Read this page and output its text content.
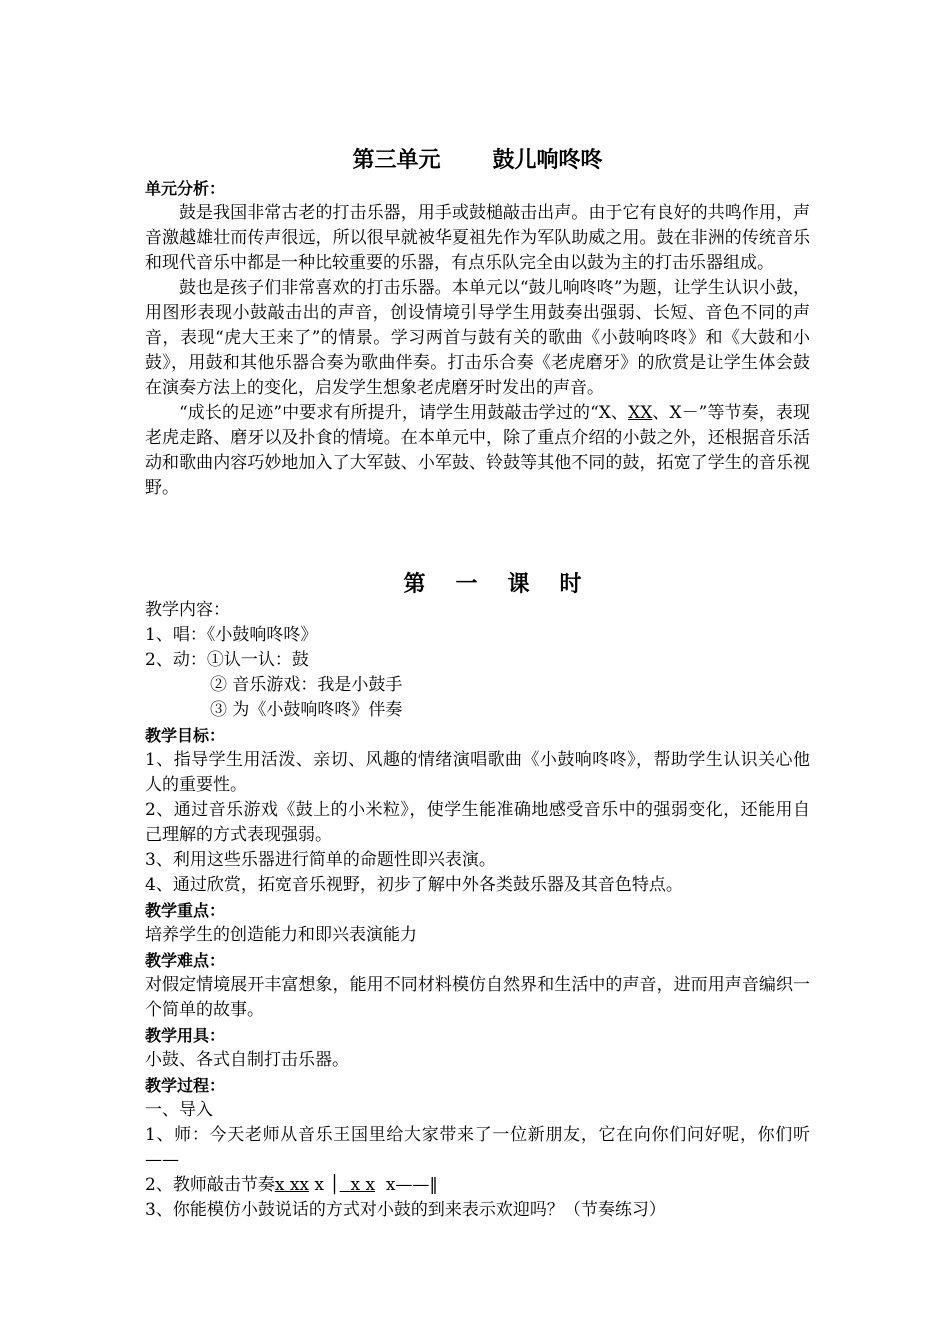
第三单元 鼓儿响咚咚
单元分析：

鼓是我国非常古老的打击乐器，用手或鼓槌敲击出声。由于它有良好的共鸣作用，声音激越雄壮而传声很远，所以很早就被华夏祖先作为军队助威之用。鼓在非洲的传统音乐和现代音乐中都是一种比较重要的乐器，有点乐队完全由以鼓为主的打击乐器组成。

鼓也是孩子们非常喜欢的打击乐器。本单元以“鼓儿响咚咚”为题，让学生认识小鼓，用图形表现小鼓敲击出的声音，创设情境引导学生用鼓奏出强弱、长短、音色不同的声音，表现“虎大王来了”的情景。学习两首与鼓有关的歌曲《小鼓响咚咚》和《大鼓和小鼓》，用鼓和其他乐器合奏为歌曲伴奏。打击乐合奏《老虎磨牙》的欣赏是让学生体会鼓在演奏方法上的变化，启发学生想象老虎磨牙时发出的声音。

“成长的足迹”中要求有所提升，请学生用鼓敲击学过的“X、XX、X－”等节奏，表现老虎走路、磨牙以及扑食的情境。在本单元中，除了重点介绍的小鼓之外，还根据音乐活动和歌曲内容巧妙地加入了大军鼓、小军鼓、铃鼓等其他不同的鼓，拓宽了学生的音乐视野。

第一课时
教学内容：
1、唱：《小鼓响咚咚》
2、动：①认一认：鼓
② 音乐游戏：我是小鼓手
③ 为《小鼓响咚咚》伴奏
教学目标：
1、指导学生用活泼、亲切、风趣的情绪演唱歌曲《小鼓响咚咚》，帮助学生认识关心他人的重要性。
2、通过音乐游戏《鼓上的小米粒》，使学生能准确地感受音乐中的强弱变化，还能用自己理解的方式表现强弱。
3、利用这些乐器进行简单的命题性即兴表演。
4、通过欣赏，拓宽音乐视野，初步了解中外各类鼓乐器及其音色特点。
教学重点：
培养学生的创造能力和即兴表演能力
教学难点：
对假定情境展开丰富想象，能用不同材料模仿自然界和生活中的声音，进而用声音编织一个简单的故事。
教学用具：
小鼓、各式自制打击乐器。
教学过程：
一、导入
1、师：今天老师从音乐王国里给大家带来了一位新朋友，它在向你们问好呢，你们听——
2、教师敲击节奏x xx x │  x x  x——‖
3、你能模仿小鼓说话的方式对小鼓的到来表示欢迎吗？（节奏练习）
